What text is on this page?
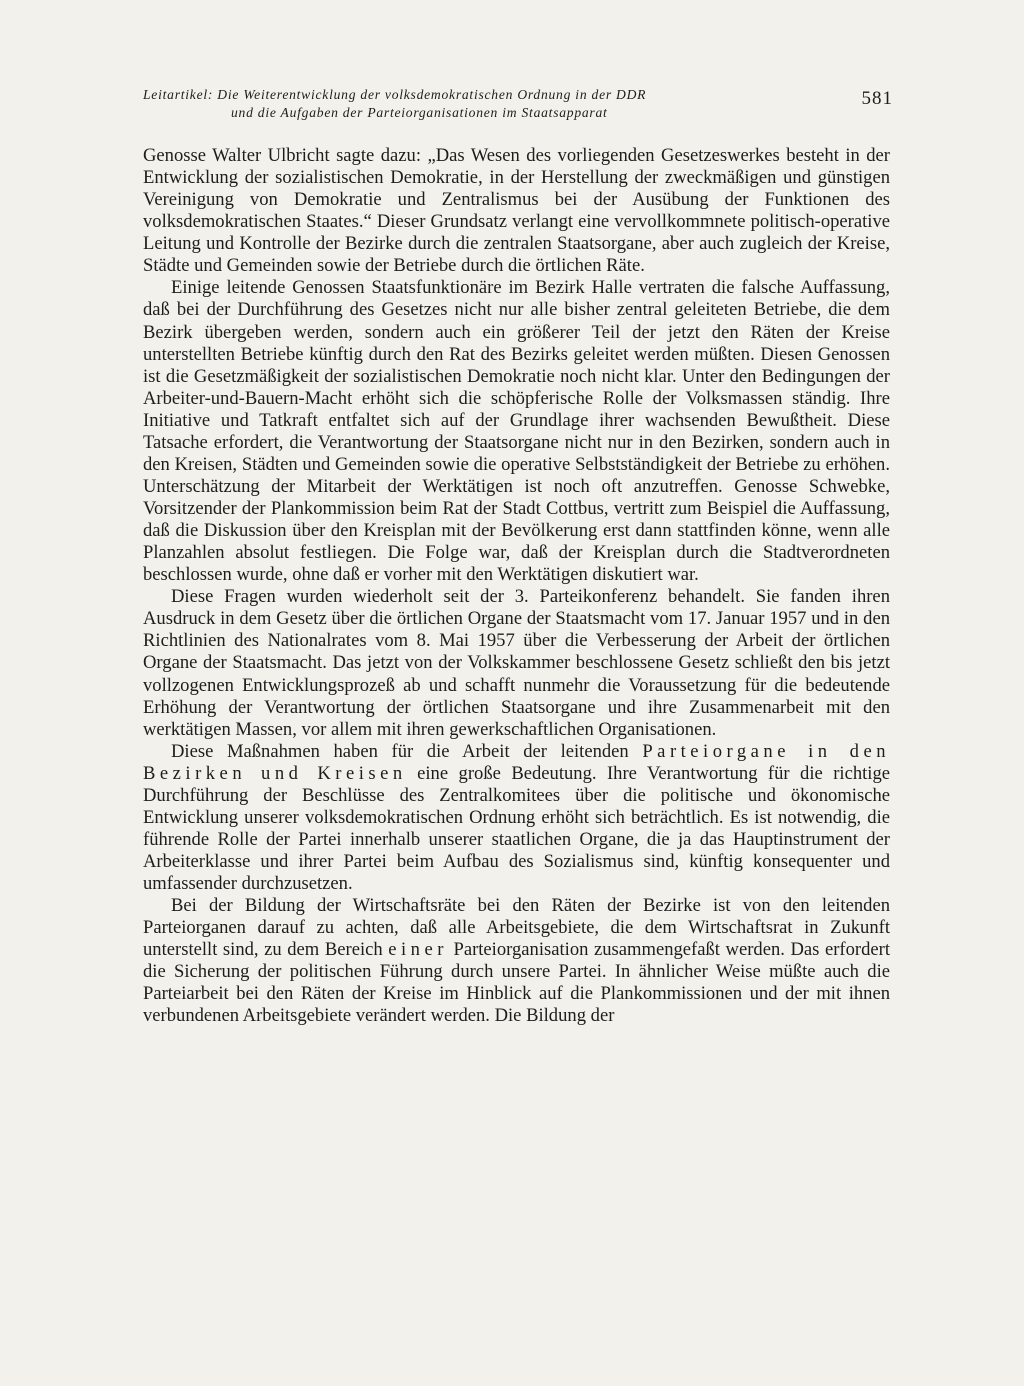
Leitartikel: Die Weiterentwicklung der volksdemokratischen Ordnung in der DDR
und die Aufgaben der Parteiorganisationen im Staatsapparat
581

Genosse Walter Ulbricht sagte dazu: „Das Wesen des vorliegenden Gesetzeswerkes besteht in der Entwicklung der sozialistischen Demokratie, in der Herstellung der zweckmäßigen und günstigen Vereinigung von Demokratie und Zentralismus bei der Ausübung der Funktionen des volksdemokratischen Staates.“ Dieser Grundsatz verlangt eine vervollkommnete politisch-operative Leitung und Kontrolle der Bezirke durch die zentralen Staatsorgane, aber auch zugleich der Kreise, Städte und Gemeinden sowie der Betriebe durch die örtlichen Räte.

Einige leitende Genossen Staatsfunktionäre im Bezirk Halle vertraten die falsche Auffassung, daß bei der Durchführung des Gesetzes nicht nur alle bisher zentral geleiteten Betriebe, die dem Bezirk übergeben werden, sondern auch ein größerer Teil der jetzt den Räten der Kreise unterstellten Betriebe künftig durch den Rat des Bezirks geleitet werden müßten. Diesen Genossen ist die Gesetzmäßigkeit der sozialistischen Demokratie noch nicht klar. Unter den Bedingungen der Arbeiter-und-Bauern-Macht erhöht sich die schöpferische Rolle der Volksmassen ständig. Ihre Initiative und Tatkraft entfaltet sich auf der Grundlage ihrer wachsenden Bewußtheit. Diese Tatsache erfordert, die Verantwortung der Staatsorgane nicht nur in den Bezirken, sondern auch in den Kreisen, Städten und Gemeinden sowie die operative Selbstständigkeit der Betriebe zu erhöhen. Unterschätzung der Mitarbeit der Werktätigen ist noch oft anzutreffen. Genosse Schwebke, Vorsitzender der Plankommission beim Rat der Stadt Cottbus, vertritt zum Beispiel die Auffassung, daß die Diskussion über den Kreisplan mit der Bevölkerung erst dann stattfinden könne, wenn alle Planzahlen absolut festliegen. Die Folge war, daß der Kreisplan durch die Stadtverordneten beschlossen wurde, ohne daß er vorher mit den Werktätigen diskutiert war.

Diese Fragen wurden wiederholt seit der 3. Parteikonferenz behandelt. Sie fanden ihren Ausdruck in dem Gesetz über die örtlichen Organe der Staatsmacht vom 17. Januar 1957 und in den Richtlinien des Nationalrates vom 8. Mai 1957 über die Verbesserung der Arbeit der örtlichen Organe der Staatsmacht. Das jetzt von der Volkskammer beschlossene Gesetz schließt den bis jetzt vollzogenen Entwicklungsprozeß ab und schafft nunmehr die Voraussetzung für die bedeutende Erhöhung der Verantwortung der örtlichen Staatsorgane und ihre Zusammenarbeit mit den werktätigen Massen, vor allem mit ihren gewerkschaftlichen Organisationen.

Diese Maßnahmen haben für die Arbeit der leitenden Parteiorgane in den Bezirken und Kreisen eine große Bedeutung. Ihre Verantwortung für die richtige Durchführung der Beschlüsse des Zentralkomitees über die politische und ökonomische Entwicklung unserer volksdemokratischen Ordnung erhöht sich beträchtlich. Es ist notwendig, die führende Rolle der Partei innerhalb unserer staatlichen Organe, die ja das Hauptinstrument der Arbeiterklasse und ihrer Partei beim Aufbau des Sozialismus sind, künftig konsequenter und umfassender durchzusetzen.

Bei der Bildung der Wirtschaftsräte bei den Räten der Bezirke ist von den leitenden Parteiorganen darauf zu achten, daß alle Arbeitsgebiete, die dem Wirtschaftsrat in Zukunft unterstellt sind, zu dem Bereich einer Parteiorganisation zusammengefaßt werden. Das erfordert die Sicherung der politischen Führung durch unsere Partei. In ähnlicher Weise müßte auch die Parteiarbeit bei den Räten der Kreise im Hinblick auf die Plankommissionen und der mit ihnen verbundenen Arbeitsgebiete verändert werden. Die Bildung der
